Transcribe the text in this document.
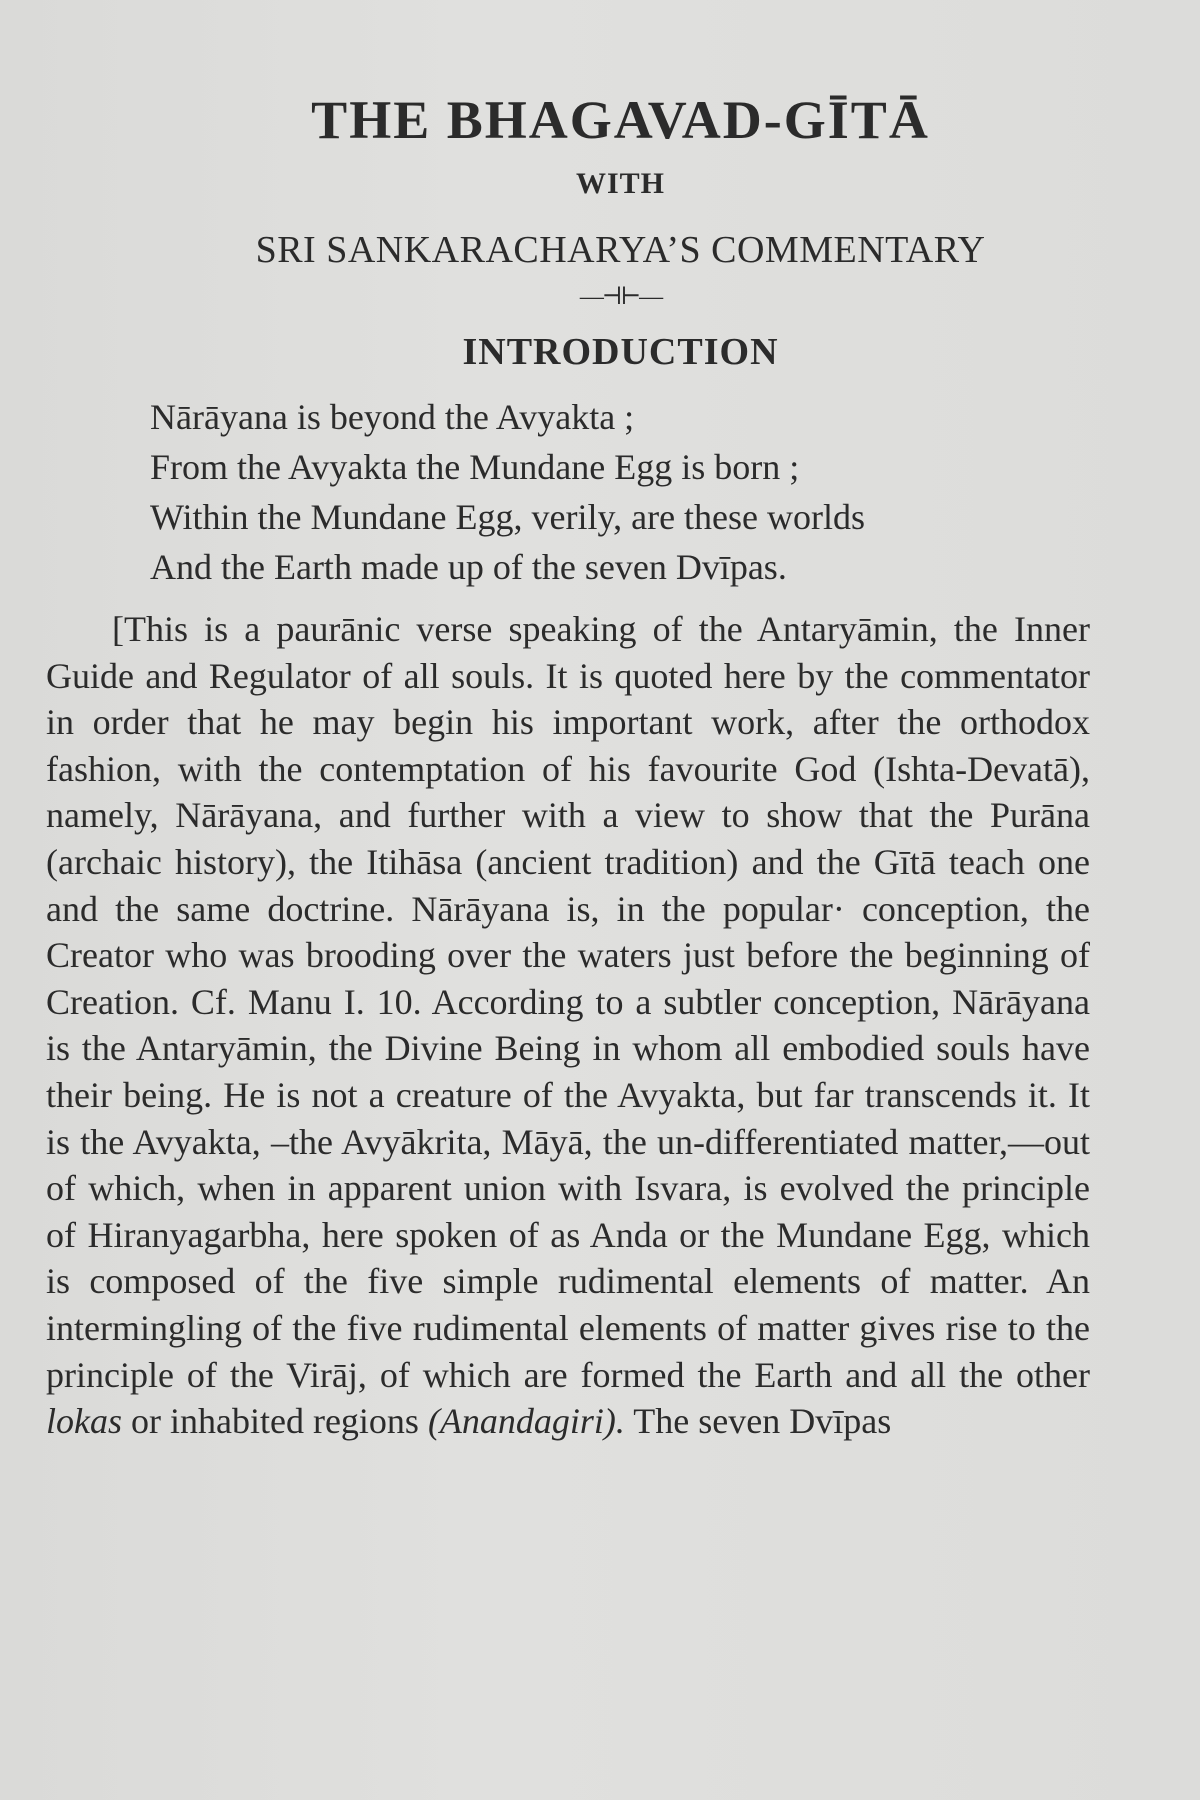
THE BHAGAVAD-GĪTĀ
WITH
SRI SANKARACHARYA’S COMMENTARY
—⊣⊢—
INTRODUCTION
Nārāyana is beyond the Avyakta ;
From the Avyakta the Mundane Egg is born ;
Within the Mundane Egg, verily, are these worlds
And the Earth made up of the seven Dvīpas.

[This is a paurānic verse speaking of the Antaryāmin, the Inner Guide and Regulator of all souls. It is quoted here by the commentator in order that he may begin his important work, after the orthodox fashion, with the contemptation of his favourite God (Ishta-Devatā), namely, Nārāyana, and further with a view to show that the Purāna (archaic history), the Itihāsa (ancient tradition) and the Gītā teach one and the same doctrine. Nārāyana is, in the popular· conception, the Creator who was brooding over the waters just before the beginning of Creation. Cf. Manu I. 10. According to a subtler conception, Nārāyana is the Antaryāmin, the Divine Being in whom all embodied souls have their being. He is not a creature of the Avyakta, but far transcends it. It is the Avyakta, –the Avyākrita, Māyā, the un-differentiated matter,—out of which, when in apparent union with Isvara, is evolved the principle of Hiranyagarbha, here spoken of as Anda or the Mundane Egg, which is composed of the five simple rudimental elements of matter. An intermingling of the five rudimental elements of matter gives rise to the principle of the Virāj, of which are formed the Earth and all the other lokas or inhabited regions (Anandagiri). The seven Dvīpas
